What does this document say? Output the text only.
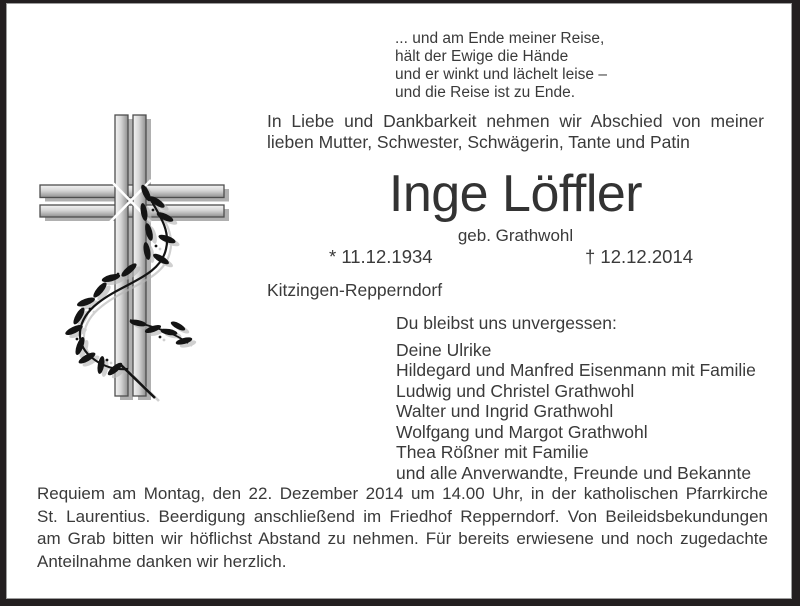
... und am Ende meiner Reise,
hält der Ewige die Hände
und er winkt und lächelt leise –
und die Reise ist zu Ende.
In Liebe und Dankbarkeit nehmen wir Abschied von meiner
lieben Mutter, Schwester, Schwägerin, Tante und Patin
Inge Löffler
geb. Grathwohl
* 11.12.1934	† 12.12.2014
Kitzingen-Repperndorf
Du bleibst uns unvergessen:
Deine Ulrike
Hildegard und Manfred Eisenmann mit Familie
Ludwig und Christel Grathwohl
Walter und Ingrid Grathwohl
Wolfgang und Margot Grathwohl
Thea Rößner mit Familie
und alle Anverwandte, Freunde und Bekannte
Requiem am Montag, den 22. Dezember 2014 um 14.00 Uhr, in der katholischen Pfarrkirche
St. Laurentius. Beerdigung anschließend im Friedhof Repperndorf. Von Beileidsbekundungen
am Grab bitten wir höflichst Abstand zu nehmen. Für bereits erwiesene und noch zugedachte
Anteilnahme danken wir herzlich.
